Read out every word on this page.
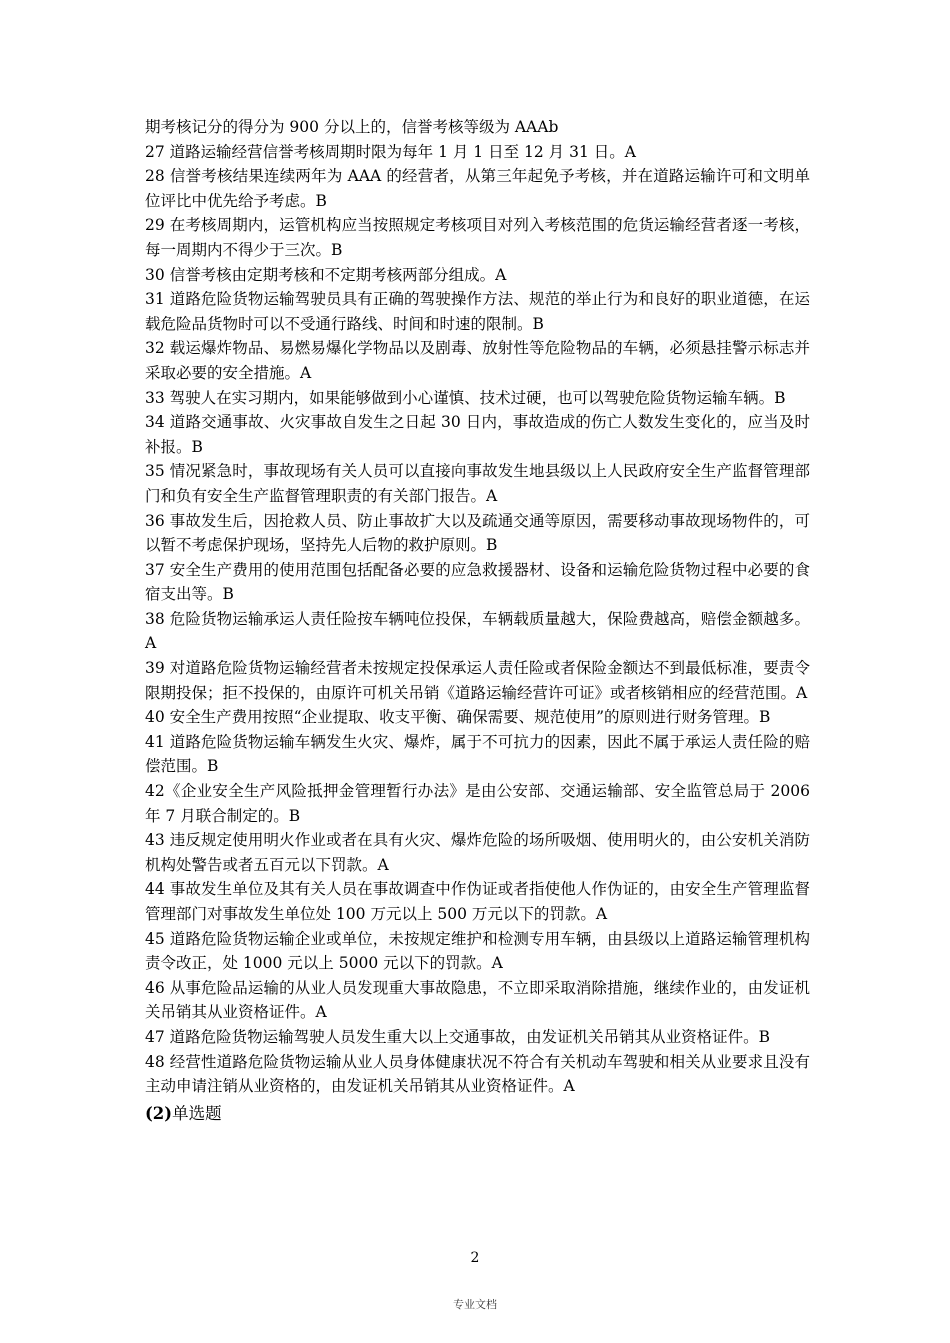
期考核记分的得分为 900 分以上的，信誉考核等级为 AAAb

27 道路运输经营信誉考核周期时限为每年 1 月 1 日至 12 月 31 日。A

28 信誉考核结果连续两年为 AAA 的经营者，从第三年起免予考核，并在道路运输许可和文明单位评比中优先给予考虑。B

29 在考核周期内，运管机构应当按照规定考核项目对列入考核范围的危货运输经营者逐一考核，每一周期内不得少于三次。B

30 信誉考核由定期考核和不定期考核两部分组成。A

31 道路危险货物运输驾驶员具有正确的驾驶操作方法、规范的举止行为和良好的职业道德，在运载危险品货物时可以不受通行路线、时间和时速的限制。B

32 载运爆炸物品、易燃易爆化学物品以及剧毒、放射性等危险物品的车辆，必须悬挂警示标志并采取必要的安全措施。A

33 驾驶人在实习期内，如果能够做到小心谨慎、技术过硬，也可以驾驶危险货物运输车辆。B

34 道路交通事故、火灾事故自发生之日起 30 日内，事故造成的伤亡人数发生变化的，应当及时补报。B

35 情况紧急时，事故现场有关人员可以直接向事故发生地县级以上人民政府安全生产监督管理部门和负有安全生产监督管理职责的有关部门报告。A

36 事故发生后，因抢救人员、防止事故扩大以及疏通交通等原因，需要移动事故现场物件的，可以暂不考虑保护现场，坚持先人后物的救护原则。B

37 安全生产费用的使用范围包括配备必要的应急救援器材、设备和运输危险货物过程中必要的食宿支出等。B

38 危险货物运输承运人责任险按车辆吨位投保，车辆载质量越大，保险费越高，赔偿金额越多。A

39 对道路危险货物运输经营者未按规定投保承运人责任险或者保险金额达不到最低标准，要责令限期投保；拒不投保的，由原许可机关吊销《道路运输经营许可证》或者核销相应的经营范围。A

40 安全生产费用按照“企业提取、收支平衡、确保需要、规范使用”的原则进行财务管理。B

41 道路危险货物运输车辆发生火灾、爆炸，属于不可抗力的因素，因此不属于承运人责任险的赔偿范围。B

42《企业安全生产风险抵押金管理暂行办法》是由公安部、交通运输部、安全监管总局于 2006 年 7 月联合制定的。B

43 违反规定使用明火作业或者在具有火灾、爆炸危险的场所吸烟、使用明火的，由公安机关消防机构处警告或者五百元以下罚款。A

44 事故发生单位及其有关人员在事故调查中作伪证或者指使他人作伪证的，由安全生产管理监督管理部门对事故发生单位处 100 万元以上 500 万元以下的罚款。A

45 道路危险货物运输企业或单位，未按规定维护和检测专用车辆，由县级以上道路运输管理机构责令改正，处 1000 元以上 5000 元以下的罚款。A

46 从事危险品运输的从业人员发现重大事故隐患，不立即采取消除措施，继续作业的，由发证机关吊销其从业资格证件。A

47 道路危险货物运输驾驶人员发生重大以上交通事故，由发证机关吊销其从业资格证件。B

48 经营性道路危险货物运输从业人员身体健康状况不符合有关机动车驾驶和相关从业要求且没有主动申请注销从业资格的，由发证机关吊销其从业资格证件。A

(2)单选题
2
专业文档
